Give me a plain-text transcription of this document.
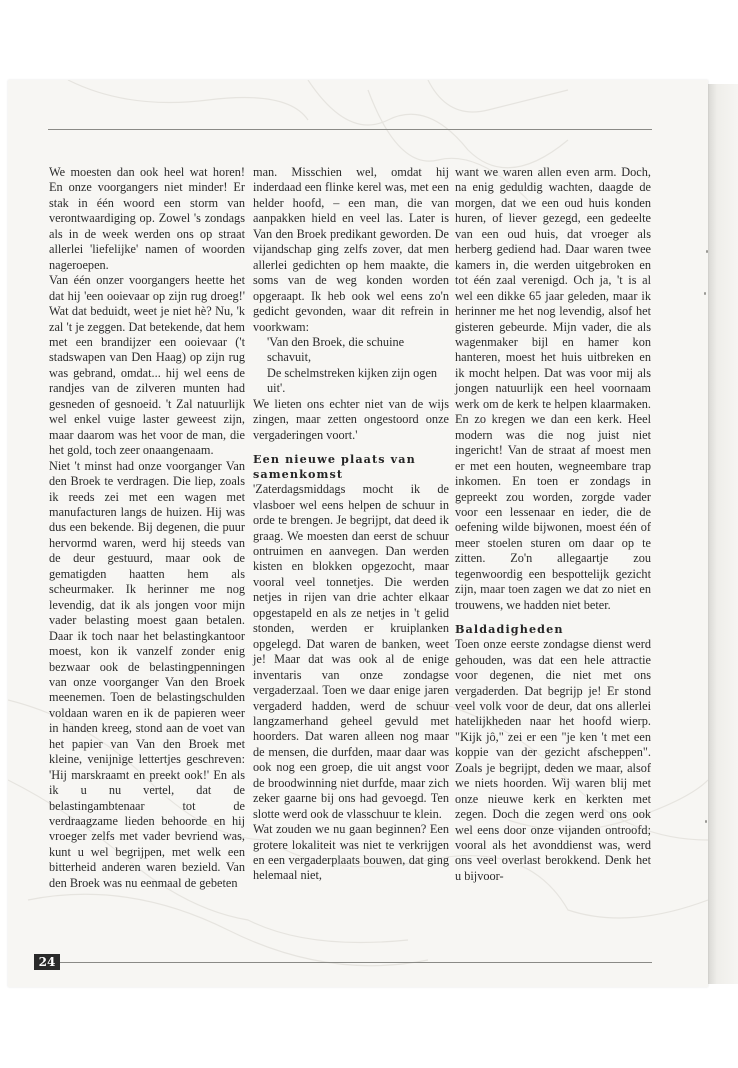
We moesten dan ook heel wat horen! En onze voorgangers niet minder! Er stak in één woord een storm van verontwaardiging op. Zowel 's zondags als in de week werden ons op straat allerlei 'liefelijke' namen of woorden nageroepen.

Van één onzer voorgangers heette het dat hij 'een ooievaar op zijn rug droeg!' Wat dat beduidt, weet je niet hè? Nu, 'k zal 't je zeggen. Dat betekende, dat hem met een brandijzer een ooievaar ('t stadswapen van Den Haag) op zijn rug was gebrand, omdat... hij wel eens de randjes van de zilveren munten had gesneden of gesnoeid. 't Zal natuurlijk wel enkel vuige laster geweest zijn, maar daarom was het voor de man, die het gold, toch zeer onaangenaam.

Niet 't minst had onze voorganger Van den Broek te verdragen. Die liep, zoals ik reeds zei met een wagen met manufacturen langs de huizen. Hij was dus een bekende. Bij degenen, die puur hervormd waren, werd hij steeds van de deur gestuurd, maar ook de gematigden haatten hem als scheurmaker. Ik herinner me nog levendig, dat ik als jongen voor mijn vader belasting moest gaan betalen. Daar ik toch naar het belastingkantoor moest, kon ik vanzelf zonder enig bezwaar ook de belastingpenningen van onze voorganger Van den Broek meenemen. Toen de belastingschulden voldaan waren en ik de papieren weer in handen kreeg, stond aan de voet van het papier van Van den Broek met kleine, venijnige lettertjes geschreven: 'Hij marskraamt en preekt ook!' En als ik u nu vertel, dat de belastingambtenaar tot de verdraagzame lieden behoorde en hij vroeger zelfs met vader bevriend was, kunt u wel begrijpen, met welk een bitterheid anderen waren bezield. Van den Broek was nu eenmaal de gebeten

man. Misschien wel, omdat hij inderdaad een flinke kerel was, met een helder hoofd, – een man, die van aanpakken hield en veel las. Later is Van den Broek predikant geworden. De vijandschap ging zelfs zover, dat men allerlei gedichten op hem maakte, die soms van de weg konden worden opgeraapt. Ik heb ook wel eens zo'n gedicht gevonden, waar dit refrein in voorkwam:

'Van den Broek, die schuine schavuit,
De schelmstreken kijken zijn ogen uit'.

We lieten ons echter niet van de wijs zingen, maar zetten ongestoord onze vergaderingen voort.'

Een nieuwe plaats van samenkomst

'Zaterdagsmiddags mocht ik de vlasboer wel eens helpen de schuur in orde te brengen. Je begrijpt, dat deed ik graag. We moesten dan eerst de schuur ontruimen en aanvegen. Dan werden kisten en blokken opgezocht, maar vooral veel tonnetjes. Die werden netjes in rijen van drie achter elkaar opgestapeld en als ze netjes in 't gelid stonden, werden er kruiplanken opgelegd. Dat waren de banken, weet je! Maar dat was ook al de enige inventaris van onze zondagse vergaderzaal. Toen we daar enige jaren vergaderd hadden, werd de schuur langzamerhand geheel gevuld met hoorders. Dat waren alleen nog maar de mensen, die durfden, maar daar was ook nog een groep, die uit angst voor de broodwinning niet durfde, maar zich zeker gaarne bij ons had gevoegd. Ten slotte werd ook de vlasschuur te klein.

Wat zouden we nu gaan beginnen? Een grotere lokaliteit was niet te verkrijgen en een vergaderplaats bouwen, dat ging helemaal niet,

want we waren allen even arm. Doch, na enig geduldig wachten, daagde de morgen, dat we een oud huis konden huren, of liever gezegd, een gedeelte van een oud huis, dat vroeger als herberg gediend had. Daar waren twee kamers in, die werden uitgebroken en tot één zaal verenigd. Och ja, 't is al wel een dikke 65 jaar geleden, maar ik herinner me het nog levendig, alsof het gisteren gebeurde. Mijn vader, die als wagenmaker bijl en hamer kon hanteren, moest het huis uitbreken en ik mocht helpen. Dat was voor mij als jongen natuurlijk een heel voornaam werk om de kerk te helpen klaarmaken. En zo kregen we dan een kerk. Heel modern was die nog juist niet ingericht! Van de straat af moest men er met een houten, wegneembare trap inkomen. En toen er zondags in gepreekt zou worden, zorgde vader voor een lessenaar en ieder, die de oefening wilde bijwonen, moest één of meer stoelen sturen om daar op te zitten. Zo'n allegaartje zou tegenwoordig een bespottelijk gezicht zijn, maar toen zagen we dat zo niet en trouwens, we hadden niet beter.

Baldadigheden

Toen onze eerste zondagse dienst werd gehouden, was dat een hele attractie voor degenen, die niet met ons vergaderden. Dat begrijp je! Er stond veel volk voor de deur, dat ons allerlei hatelijkheden naar het hoofd wierp. "Kijk jô," zei er een "je ken 't met een koppie van der gezicht afscheppen". Zoals je begrijpt, deden we maar, alsof we niets hoorden. Wij waren blij met onze nieuwe kerk en kerkten met zegen. Doch die zegen werd ons ook wel eens door onze vijanden ontroofd; vooral als het avonddienst was, werd ons veel overlast berokkend. Denk het u bijvoor-

24
